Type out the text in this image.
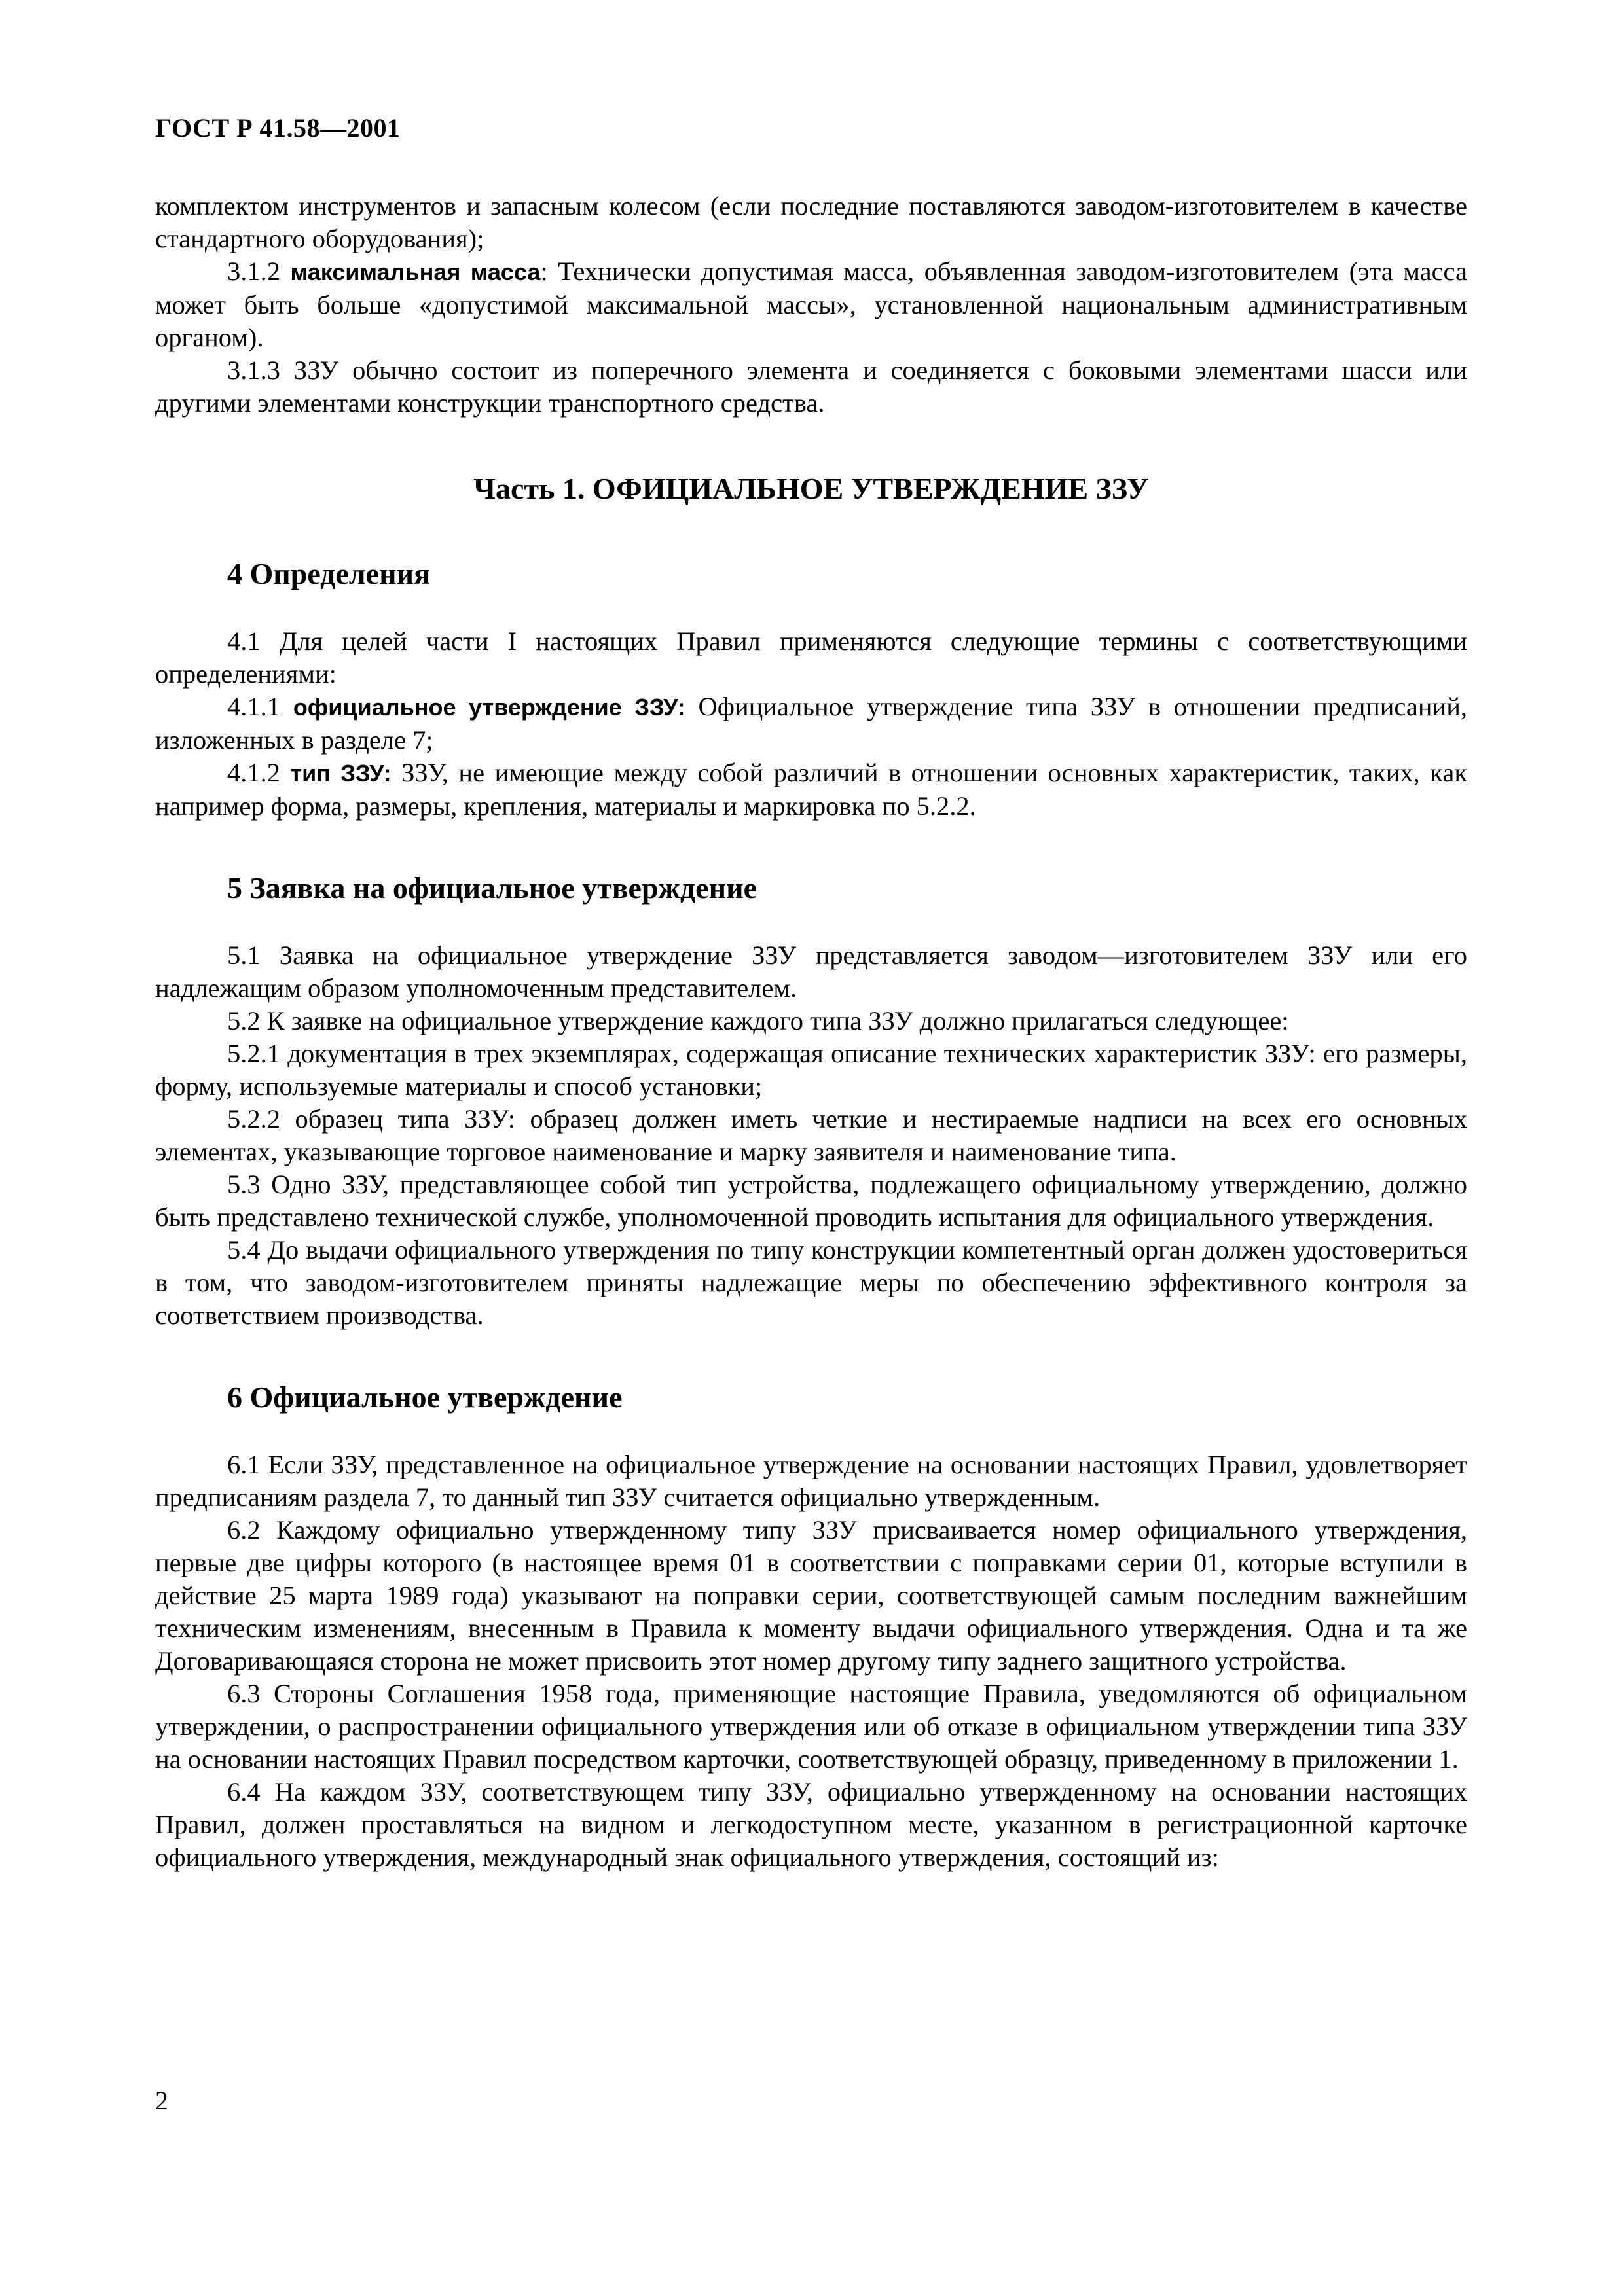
ГОСТ Р 41.58—2001

комплектом инструментов и запасным колесом (если последние поставляются заводом-изготовителем в качестве стандартного оборудования);

3.1.2 максимальная масса: Технически допустимая масса, объявленная заводом-изготовителем (эта масса может быть больше «допустимой максимальной массы», установленной национальным административным органом).

3.1.3 ЗЗУ обычно состоит из поперечного элемента и соединяется с боковыми элементами шасси или другими элементами конструкции транспортного средства.

Часть 1. ОФИЦИАЛЬНОЕ УТВЕРЖДЕНИЕ ЗЗУ
4 Определения

4.1 Для целей части I настоящих Правил применяются следующие термины с соответствующими определениями:

4.1.1 официальное утверждение ЗЗУ: Официальное утверждение типа ЗЗУ в отношении предписаний, изложенных в разделе 7;

4.1.2 тип ЗЗУ: ЗЗУ, не имеющие между собой различий в отношении основных характеристик, таких, как например форма, размеры, крепления, материалы и маркировка по 5.2.2.

5 Заявка на официальное утверждение

5.1 Заявка на официальное утверждение ЗЗУ представляется заводом—изготовителем ЗЗУ или его надлежащим образом уполномоченным представителем.

5.2 К заявке на официальное утверждение каждого типа ЗЗУ должно прилагаться следующее:

5.2.1 документация в трех экземплярах, содержащая описание технических характеристик ЗЗУ: его размеры, форму, используемые материалы и способ установки;

5.2.2 образец типа ЗЗУ: образец должен иметь четкие и нестираемые надписи на всех его основных элементах, указывающие торговое наименование и марку заявителя и наименование типа.

5.3 Одно ЗЗУ, представляющее собой тип устройства, подлежащего официальному утверждению, должно быть представлено технической службе, уполномоченной проводить испытания для официального утверждения.

5.4 До выдачи официального утверждения по типу конструкции компетентный орган должен удостовериться в том, что заводом-изготовителем приняты надлежащие меры по обеспечению эффективного контроля за соответствием производства.

6 Официальное утверждение

6.1 Если ЗЗУ, представленное на официальное утверждение на основании настоящих Правил, удовлетворяет предписаниям раздела 7, то данный тип ЗЗУ считается официально утвержденным.

6.2 Каждому официально утвержденному типу ЗЗУ присваивается номер официального утверждения, первые две цифры которого (в настоящее время 01 в соответствии с поправками серии 01, которые вступили в действие 25 марта 1989 года) указывают на поправки серии, соответствующей самым последним важнейшим техническим изменениям, внесенным в Правила к моменту выдачи официального утверждения. Одна и та же Договаривающаяся сторона не может присвоить этот номер другому типу заднего защитного устройства.

6.3 Стороны Соглашения 1958 года, применяющие настоящие Правила, уведомляются об официальном утверждении, о распространении официального утверждения или об отказе в официальном утверждении типа ЗЗУ на основании настоящих Правил посредством карточки, соответствующей образцу, приведенному в приложении 1.

6.4 На каждом ЗЗУ, соответствующем типу ЗЗУ, официально утвержденному на основании настоящих Правил, должен проставляться на видном и легкодоступном месте, указанном в регистрационной карточке официального утверждения, международный знак официального утверждения, состоящий из:

2
